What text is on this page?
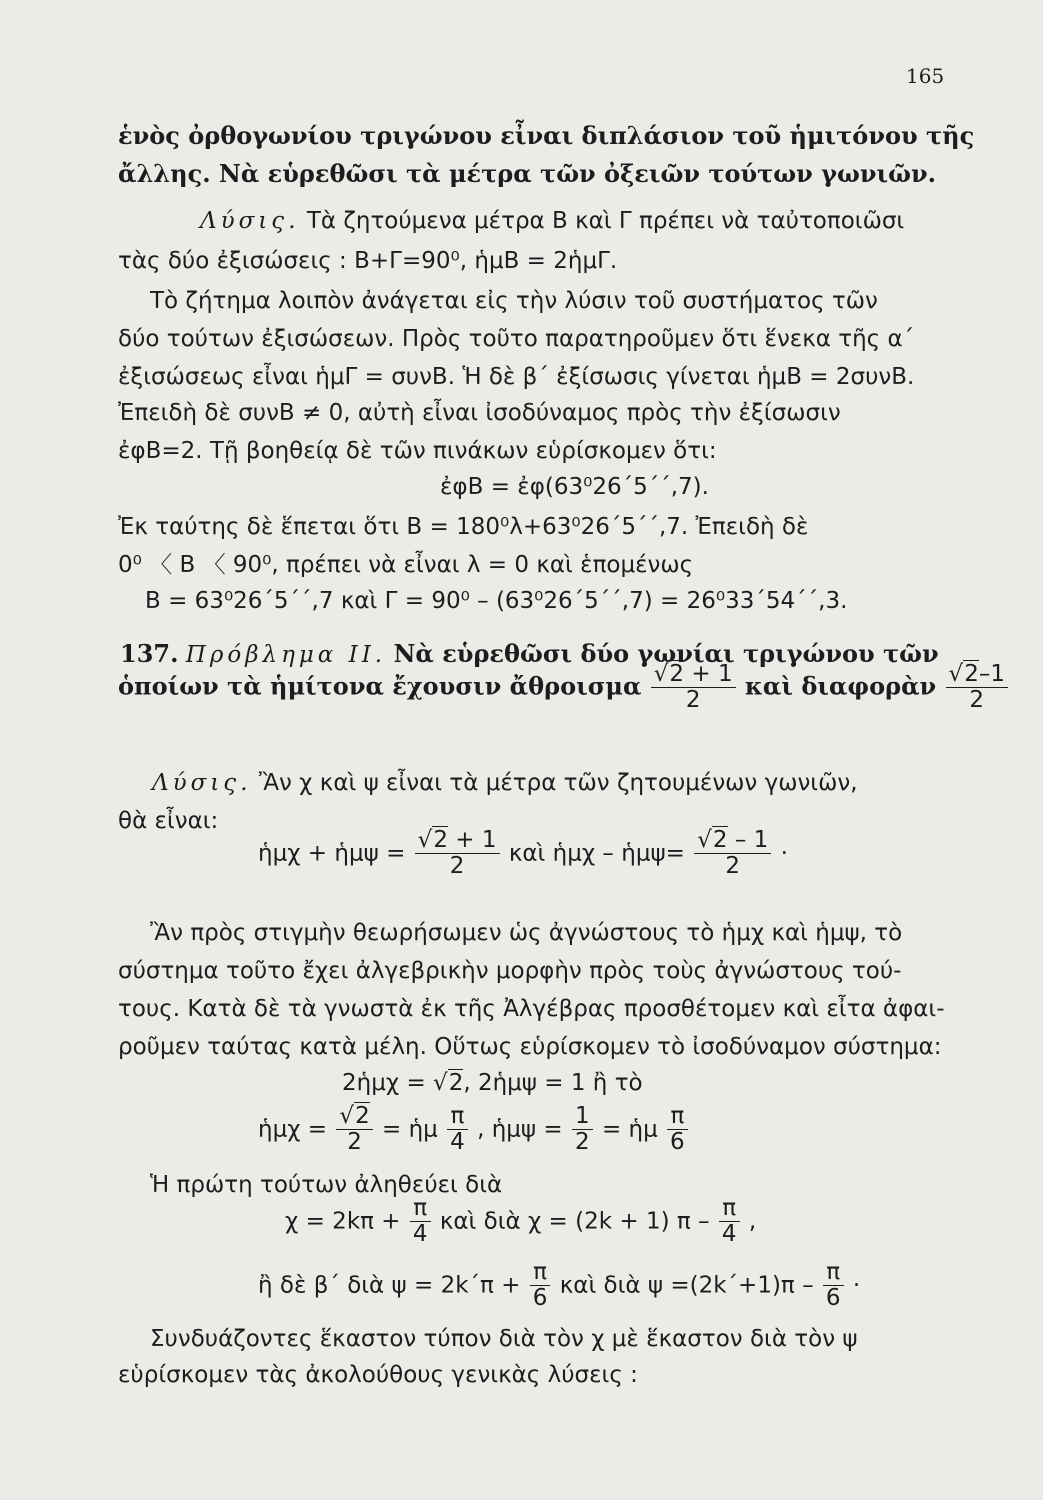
165
ἑνὸς ὀρθογωνίου τριγώνου εἶναι διπλάσιον τοῦ ἡμιτόνου τῆς
ἄλλης. Νὰ εὑρεθῶσι τὰ μέτρα τῶν ὀξειῶν τούτων γωνιῶν.
Λύσις. Τὰ ζητούμενα μέτρα Β καὶ Γ πρέπει νὰ ταὐτοποιῶσι
τὰς δύο ἐξισώσεις : Β+Γ=90⁰, ἡμΒ = 2ἡμΓ.
Τὸ ζήτημα λοιπὸν ἀνάγεται εἰς τὴν λύσιν τοῦ συστήματος τῶν
δύο τούτων ἐξισώσεων. Πρὸς τοῦτο παρατηροῦμεν ὅτι ἕνεκα τῆς α΄
ἐξισώσεως εἶναι ἡμΓ = συνΒ. Ἡ δὲ β΄ ἐξίσωσις γίνεται ἡμΒ = 2συνΒ.
Ἐπειδὴ δὲ συνΒ ≠ 0, αὐτὴ εἶναι ἰσοδύναμος πρὸς τὴν ἐξίσωσιν
ἐφΒ=2. Τῇ βοηθείᾳ δὲ τῶν πινάκων εὑρίσκομεν ὅτι:
ἐφΒ = ἐφ(63⁰26΄5΄΄,7).
Ἐκ ταύτης δὲ ἕπεται ὅτι Β = 180⁰λ+63⁰26΄5΄΄,7. Ἐπειδὴ δὲ
0⁰ 〈 Β 〈 90⁰, πρέπει νὰ εἶναι λ = 0 καὶ ἑπομένως
Β = 63⁰26΄5΄΄,7 καὶ Γ = 90⁰ – (63⁰26΄5΄΄,7) = 26⁰33΄54΄΄,3.
137. Πρόβλημα ΙΙ. Νὰ εὑρεθῶσι δύο γωνίαι τριγώνου τῶν
ὁποίων τὰ ἡμίτονα ἔχουσιν ἄθροισμα $\frac{√2 + 1}{2}$ καὶ διαφορὰν $\frac{√2-1}{2}$
Λύσις. Ἂν χ καὶ ψ εἶναι τὰ μέτρα τῶν ζητουμένων γωνιῶν,
θὰ εἶναι:
ἡμχ + ἡμψ = $\frac{√2 + 1}{2}$ καὶ ἡμχ – ἡμψ= $\frac{√2 - 1}{2}$ ·
Ἂν πρὸς στιγμὴν θεωρήσωμεν ὡς ἀγνώστους τὸ ἡμχ καὶ ἡμψ, τὸ
σύστημα τοῦτο ἔχει ἀλγεβρικὴν μορφὴν πρὸς τοὺς ἀγνώστους τού-
τους. Κατὰ δὲ τὰ γνωστὰ ἐκ τῆς Ἀλγέβρας προσθέτομεν καὶ εἶτα ἀφαι-
ροῦμεν ταύτας κατὰ μέλη. Οὕτως εὑρίσκομεν τὸ ἰσοδύναμον σύστημα:
2ἡμχ = √2, 2ἡμψ = 1 ἢ τὸ
ἡμχ = $\frac{√2}{2}$ = ἡμ $\frac{\pi}{4}$ , ἡμψ = $\frac{1}{2}$ = ἡμ $\frac{\pi}{6}$
Ἡ πρώτη τούτων ἀληθεύει διὰ
$\chi = 2k\pi + \frac{\pi}{4}$ καὶ διὰ χ = (2k + 1) π – $\frac{\pi}{4}$ ,
ἢ δὲ β΄ διὰ $\psi = 2k΄\pi + \frac{\pi}{6}$ καὶ διὰ $\psi =(2k΄+1)\pi - \frac{\pi}{6}$ ·
Συνδυάζοντες ἕκαστον τύπον διὰ τὸν χ μὲ ἕκαστον διὰ τὸν ψ
εὑρίσκομεν τὰς ἀκολούθους γενικὰς λύσεις :
